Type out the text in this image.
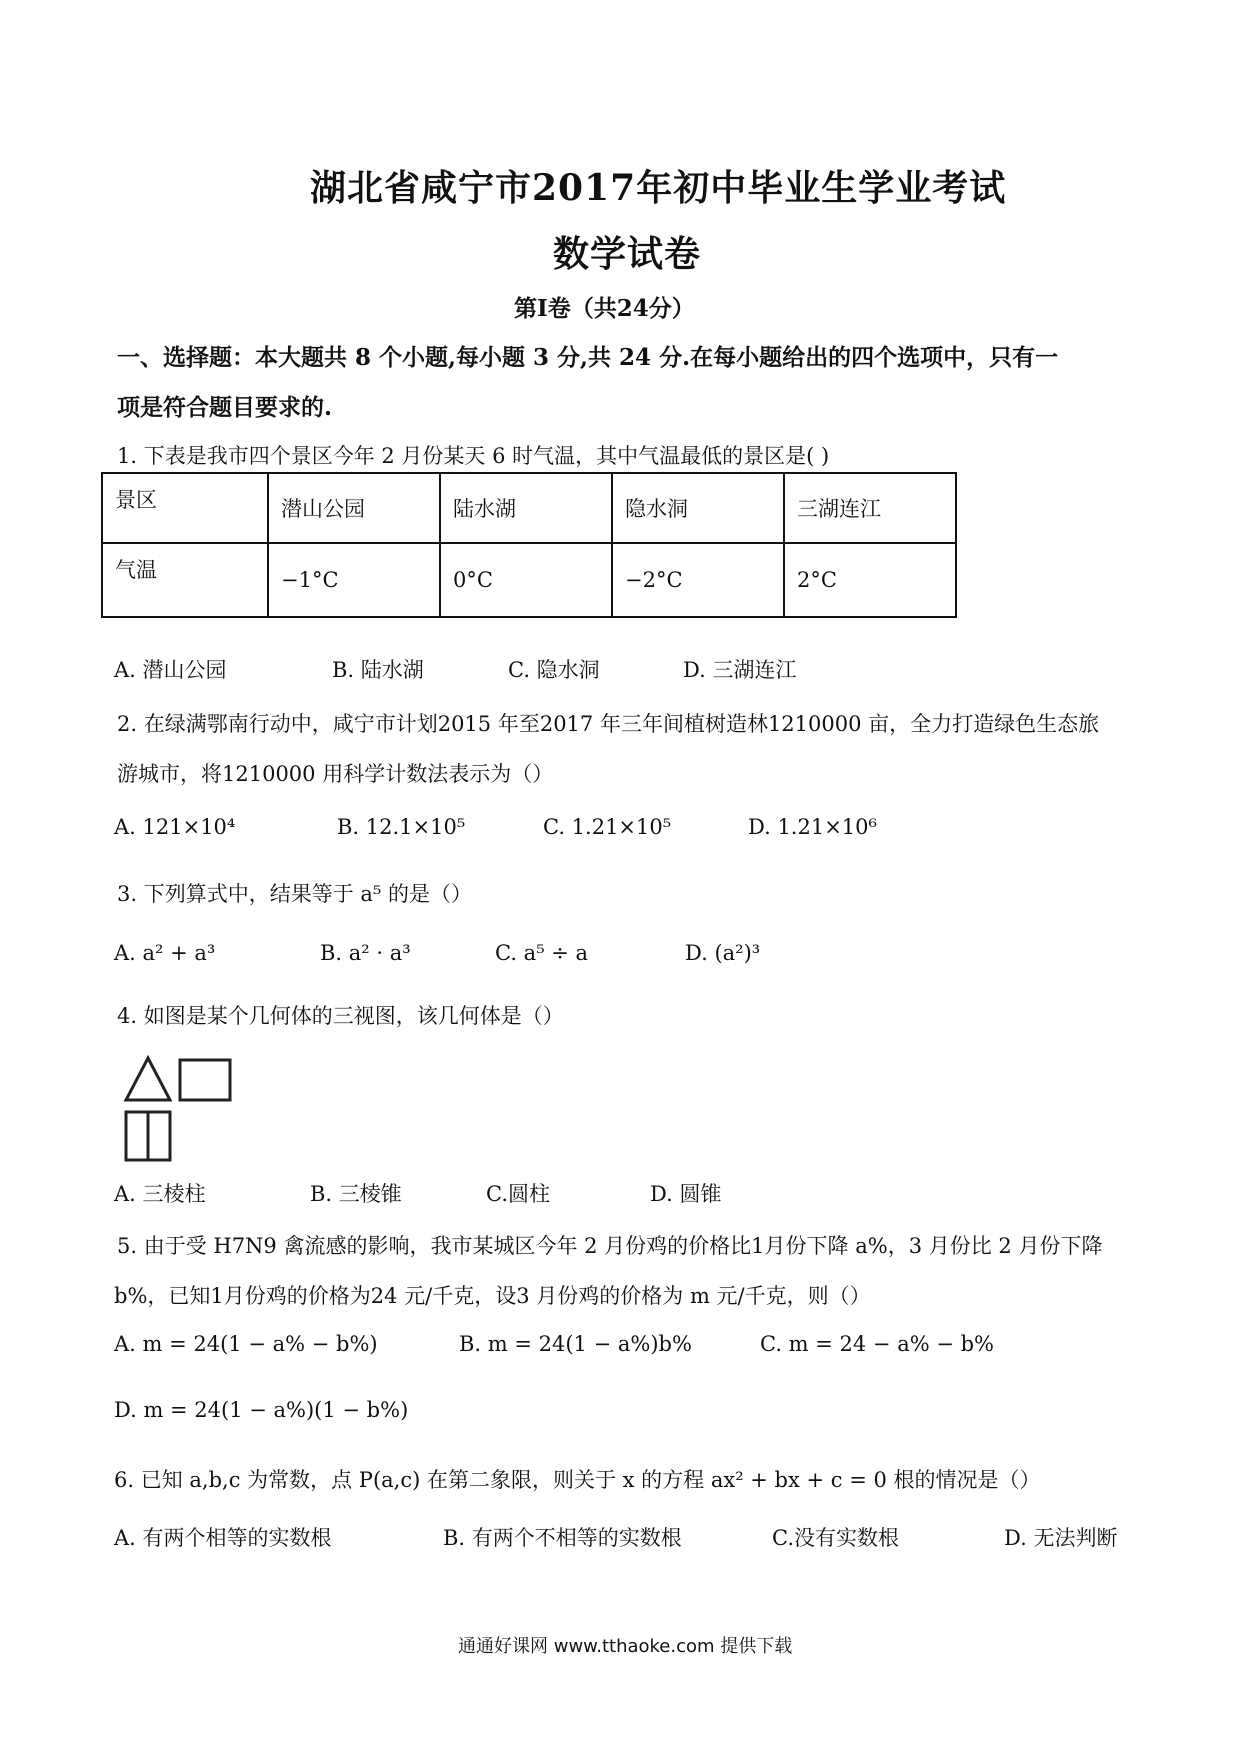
湖北省咸宁市2017年初中毕业生学业考试
数学试卷
第Ⅰ卷（共24分）
一、选择题：本大题共 8 个小题,每小题 3 分,共 24 分.在每小题给出的四个选项中，只有一
项是符合题目要求的.
1. 下表是我市四个景区今年 2 月份某天 6 时气温，其中气温最低的景区是( )
景区	潜山公园	陆水湖	隐水洞	三湖连江
气温	−1°C	0°C	−2°C	2°C
A. 潜山公园	B. 陆水湖	C. 隐水洞	D. 三湖连江
2. 在绿满鄂南行动中，咸宁市计划2015 年至2017 年三年间植树造林1210000 亩，全力打造绿色生态旅
游城市，将1210000 用科学计数法表示为（）
A. 121×10⁴	B. 12.1×10⁵	C. 1.21×10⁵	D. 1.21×10⁶
3. 下列算式中，结果等于 a⁵ 的是（）
A. a² + a³	B. a² · a³	C. a⁵ ÷ a	D. (a²)³
4. 如图是某个几何体的三视图，该几何体是（）
A. 三棱柱	B. 三棱锥	C.圆柱	D. 圆锥
5. 由于受 H7N9 禽流感的影响，我市某城区今年 2 月份鸡的价格比1月份下降 a%，3 月份比 2 月份下降
b%，已知1月份鸡的价格为24 元/千克，设3 月份鸡的价格为 m 元/千克，则（）
A. m = 24(1 − a% − b%)	B. m = 24(1 − a%)b%	C. m = 24 − a% − b%
D. m = 24(1 − a%)(1 − b%)
6. 已知 a,b,c 为常数，点 P(a,c) 在第二象限，则关于 x 的方程 ax² + bx + c = 0 根的情况是（）
A. 有两个相等的实数根	B. 有两个不相等的实数根	C.没有实数根	D. 无法判断
通通好课网 www.tthaoke.com 提供下载
